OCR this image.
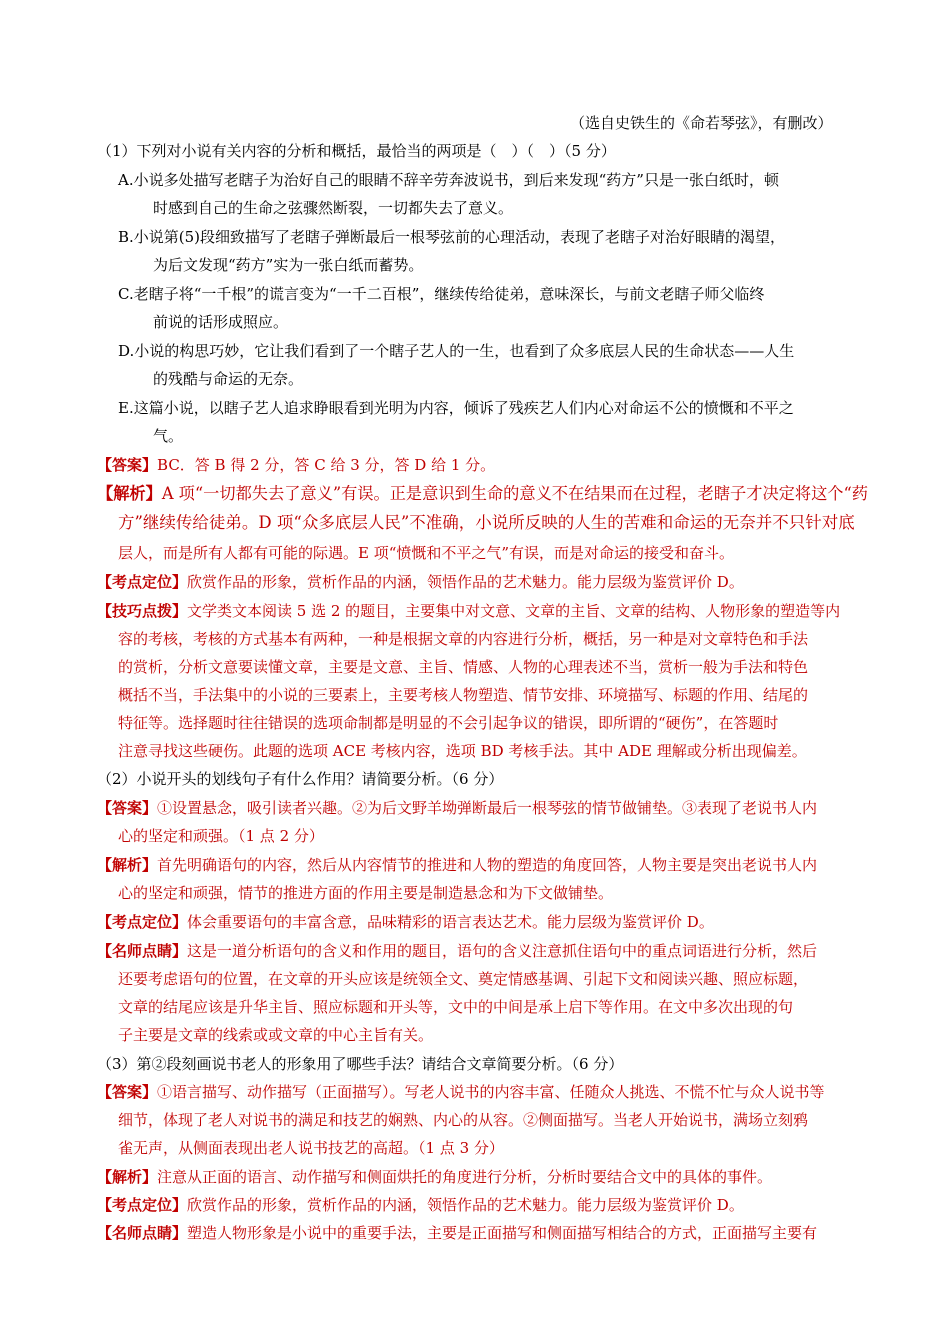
（选自史铁生的《命若琴弦》，有删改）
（1）下列对小说有关内容的分析和概括，最恰当的两项是（　）（　）（5 分）
A.小说多处描写老瞎子为治好自己的眼睛不辞辛劳奔波说书，到后来发现“药方”只是一张白纸时，顿
时感到自己的生命之弦骤然断裂，一切都失去了意义。
B.小说第(5)段细致描写了老瞎子弹断最后一根琴弦前的心理活动，表现了老瞎子对治好眼睛的渴望，
为后文发现“药方”实为一张白纸而蓄势。
C.老瞎子将“一千根”的谎言变为“一千二百根”，继续传给徒弟，意味深长，与前文老瞎子师父临终
前说的话形成照应。
D.小说的构思巧妙，它让我们看到了一个瞎子艺人的一生，也看到了众多底层人民的生命状态——人生
的残酷与命运的无奈。
E.这篇小说，以瞎子艺人追求睁眼看到光明为内容，倾诉了残疾艺人们内心对命运不公的愤慨和不平之
气。
【答案】BC．答 B 得 2 分，答 C 给 3 分，答 D 给 1 分。
【解析】A 项“一切都失去了意义”有误。正是意识到生命的意义不在结果而在过程，老瞎子才决定将这个“药
方”继续传给徒弟。D 项“众多底层人民”不准确，小说所反映的人生的苦难和命运的无奈并不只针对底
层人，而是所有人都有可能的际遇。E 项“愤慨和不平之气”有误，而是对命运的接受和奋斗。
【考点定位】欣赏作品的形象，赏析作品的内涵，领悟作品的艺术魅力。能力层级为鉴赏评价 D。
【技巧点拨】文学类文本阅读 5 选 2 的题目，主要集中对文意、文章的主旨、文章的结构、人物形象的塑造等内
容的考核，考核的方式基本有两种，一种是根据文章的内容进行分析，概括，另一种是对文章特色和手法
的赏析，分析文意要读懂文章，主要是文意、主旨、情感、人物的心理表述不当，赏析一般为手法和特色
概括不当，手法集中的小说的三要素上，主要考核人物塑造、情节安排、环境描写、标题的作用、结尾的
特征等。选择题时往往错误的选项命制都是明显的不会引起争议的错误，即所谓的“硬伤”，在答题时
注意寻找这些硬伤。此题的选项 ACE 考核内容，选项 BD 考核手法。其中 ADE 理解或分析出现偏差。
（2）小说开头的划线句子有什么作用？请简要分析。（6 分）
【答案】①设置悬念，吸引读者兴趣。②为后文野羊坳弹断最后一根琴弦的情节做铺垫。③表现了老说书人内
心的坚定和顽强。（1 点 2 分）
【解析】首先明确语句的内容，然后从内容情节的推进和人物的塑造的角度回答，人物主要是突出老说书人内
心的坚定和顽强，情节的推进方面的作用主要是制造悬念和为下文做铺垫。
【考点定位】体会重要语句的丰富含意，品味精彩的语言表达艺术。能力层级为鉴赏评价 D。
【名师点睛】这是一道分析语句的含义和作用的题目，语句的含义注意抓住语句中的重点词语进行分析，然后
还要考虑语句的位置，在文章的开头应该是统领全文、奠定情感基调、引起下文和阅读兴趣、照应标题，
文章的结尾应该是升华主旨、照应标题和开头等，文中的中间是承上启下等作用。在文中多次出现的句
子主要是文章的线索或或文章的中心主旨有关。
（3）第②段刻画说书老人的形象用了哪些手法？请结合文章简要分析。（6 分）
【答案】①语言描写、动作描写（正面描写）。写老人说书的内容丰富、任随众人挑选、不慌不忙与众人说书等
细节，体现了老人对说书的满足和技艺的娴熟、内心的从容。②侧面描写。当老人开始说书，满场立刻鸦
雀无声，从侧面表现出老人说书技艺的高超。（1 点 3 分）
【解析】注意从正面的语言、动作描写和侧面烘托的角度进行分析，分析时要结合文中的具体的事件。
【考点定位】欣赏作品的形象，赏析作品的内涵，领悟作品的艺术魅力。能力层级为鉴赏评价 D。
【名师点睛】塑造人物形象是小说中的重要手法，主要是正面描写和侧面描写相结合的方式，正面描写主要有
